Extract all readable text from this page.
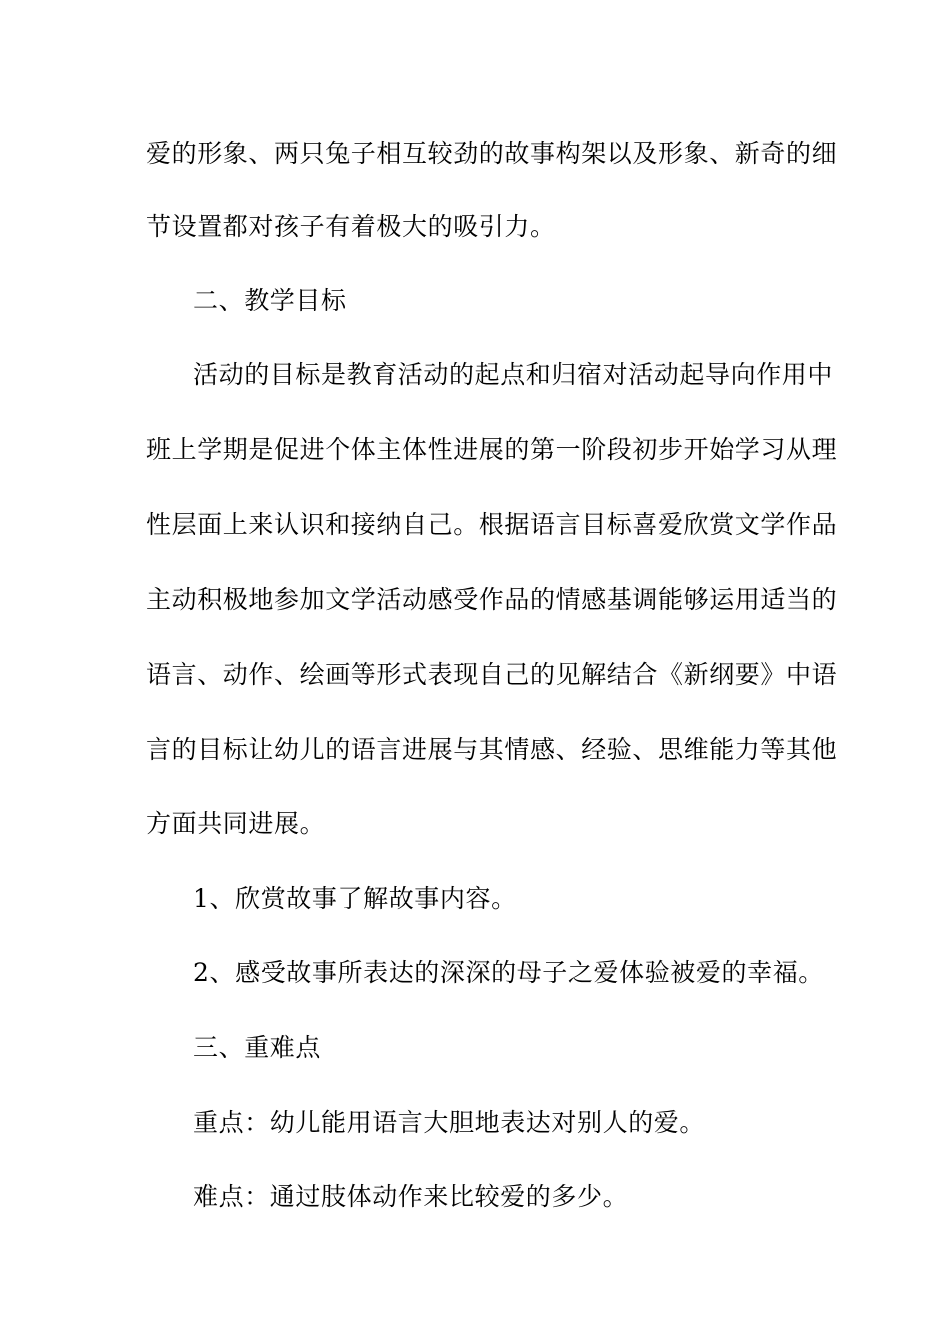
爱的形象、两只兔子相互较劲的故事构架以及形象、新奇的细
节设置都对孩子有着极大的吸引力。
二、教学目标
活动的目标是教育活动的起点和归宿对活动起导向作用中
班上学期是促进个体主体性进展的第一阶段初步开始学习从理
性层面上来认识和接纳自己。根据语言目标喜爱欣赏文学作品
主动积极地参加文学活动感受作品的情感基调能够运用适当的
语言、动作、绘画等形式表现自己的见解结合《新纲要》中语
言的目标让幼儿的语言进展与其情感、经验、思维能力等其他
方面共同进展。
1、欣赏故事了解故事内容。
2、感受故事所表达的深深的母子之爱体验被爱的幸福。
三、重难点
重点：幼儿能用语言大胆地表达对别人的爱。
难点：通过肢体动作来比较爱的多少。
